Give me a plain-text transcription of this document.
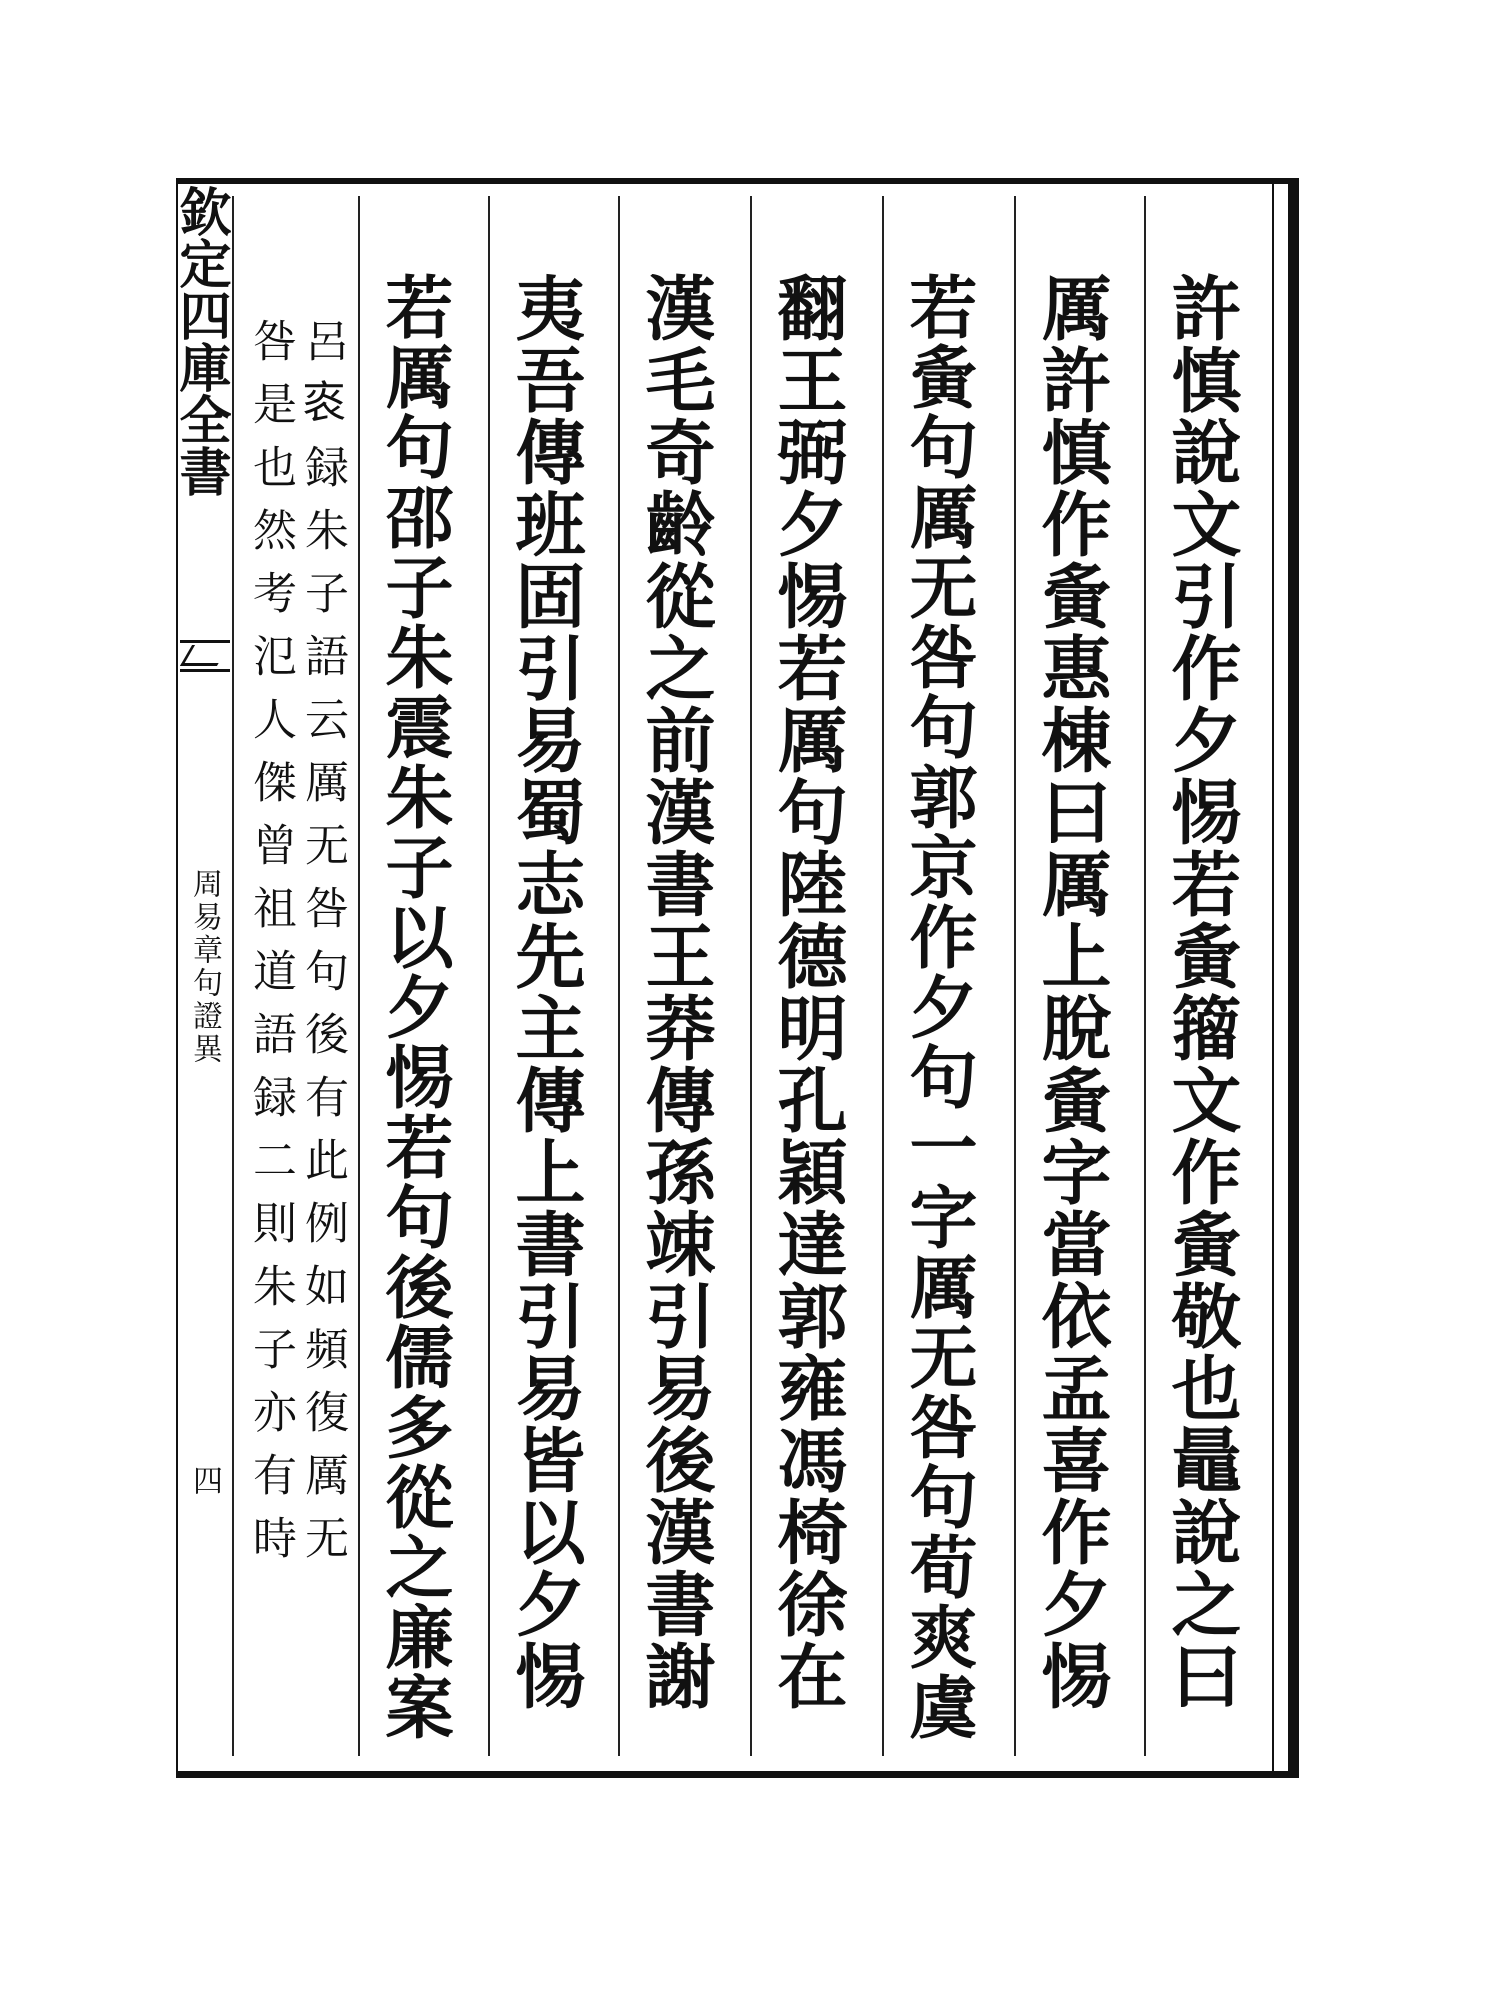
欽定四庫全書
周易章句證異
四	許慎說文引作夕惕若夤籀文作夤敬也鼂說之曰
厲許慎作夤惠棟曰厲上脫夤字當依孟喜作夕惕
若夤句厲无咎句郭京作夕句一字厲无咎句荀爽虞
翻王弼夕惕若厲句陸德明孔穎達郭雍馮椅徐在
漢毛奇齡從之前漢書王莽傳孫竦引易後漢書謝
夷吾傳班固引易蜀志先主傳上書引易皆以夕惕
若厲句邵子朱震朱子以夕惕若句後儒多從之廉案
呂𤇯録朱子語云厲无咎句後有此例如頻復厲无
咎是也然考氾人傑曾祖道語録二則朱子亦有時
